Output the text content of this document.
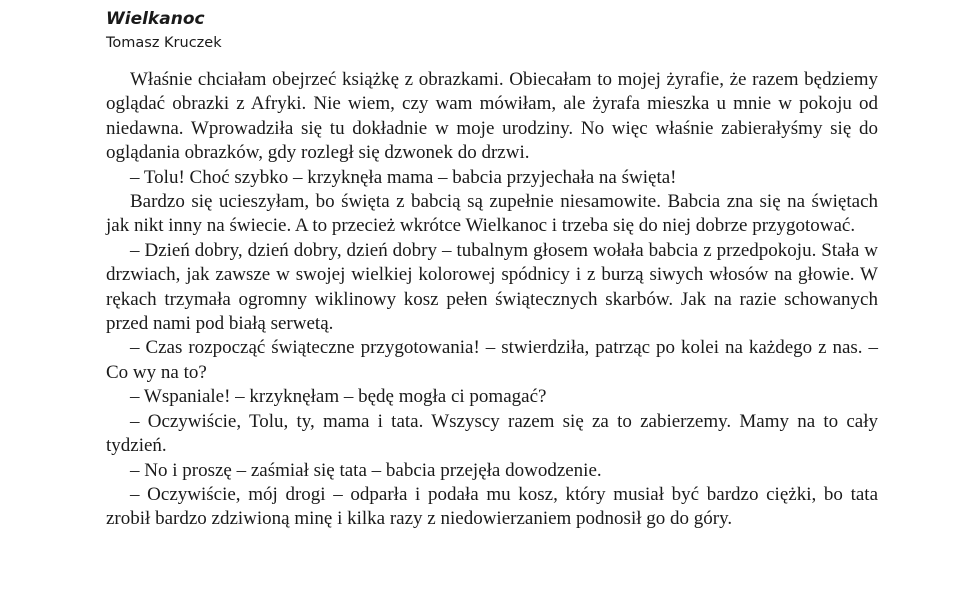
Wielkanoc
Tomasz Kruczek

Właśnie chciałam obejrzeć książkę z obrazkami. Obiecałam to mojej żyrafie, że razem będziemy oglądać obrazki z Afryki. Nie wiem, czy wam mówiłam, ale żyrafa mieszka u mnie w pokoju od niedawna. Wprowadziła się tu dokładnie w moje urodziny. No więc właśnie zabierałyśmy się do oglądania obrazków, gdy rozległ się dzwonek do drzwi.

– Tolu! Choć szybko – krzyknęła mama – babcia przyjechała na święta!

Bardzo się ucieszyłam, bo święta z babcią są zupełnie niesamowite. Babcia zna się na świętach jak nikt inny na świecie. A to przecież wkrótce Wielkanoc i trzeba się do niej dobrze przygotować.

– Dzień dobry, dzień dobry, dzień dobry – tubalnym głosem wołała babcia z przedpokoju. Stała w drzwiach, jak zawsze w swojej wielkiej kolorowej spódnicy i z burzą siwych włosów na głowie. W rękach trzymała ogromny wiklinowy kosz pełen świątecznych skarbów. Jak na razie schowanych przed nami pod białą serwetą.

– Czas rozpocząć świąteczne przygotowania! – stwierdziła, patrząc po kolei na każdego z nas. – Co wy na to?

– Wspaniale! – krzyknęłam – będę mogła ci pomagać?

– Oczywiście, Tolu, ty, mama i tata. Wszyscy razem się za to zabierzemy. Mamy na to cały tydzień.

– No i proszę – zaśmiał się tata – babcia przejęła dowodzenie.

– Oczywiście, mój drogi – odparła i podała mu kosz, który musiał być bardzo ciężki, bo tata zrobił bardzo zdziwioną minę i kilka razy z niedowierzaniem podnosił go do góry.
